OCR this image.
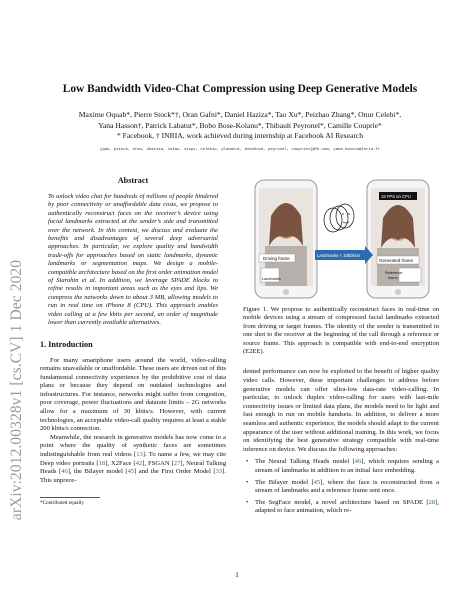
arXiv:2012.00328v1 [cs.CV] 1 Dec 2020
Low Bandwidth Video-Chat Compression using Deep Generative Models
Maxime Oquab*, Pierre Stock*†, Oran Gafni*, Daniel Haziza*, Tao Xu*, Peizhao Zhang*, Onur Celebi*,
Yana Hasson†, Patrick Labatut*, Bobo Bose-Kolanu*, Thibault Peyronel*, Camille Couprie*
* Facebook, † INRIA, work achieved during internship at Facebook AI Research
{qas, pstock, oran, dhaziza, xutao, stzpz, celebio, plabatut, bobohose, peyronel, coupriec}@fb.com, yana.hasson@inria.fr
Abstract

To unlock video chat for hundreds of millions of people hindered by poor connectivity or unaffordable data costs, we propose to authentically reconstruct faces on the receiver’s device using facial landmarks extracted at the sender’s side and transmitted over the network. In this context, we discuss and evaluate the benefits and disadvantages of several deep adversarial approaches. In particular, we explore quality and bandwidth trade-offs for approaches based on static landmarks, dynamic landmarks or segmentation maps. We design a mobile-compatible architecture based on the first order animation model of Siarohin et al. In addition, we leverage SPADE blocks to refine results in important areas such as the eyes and lips. We compress the networks down to about 3 MB, allowing models to run in real time on iPhone 8 (CPU). This approach enables video calling at a few kbits per second, an order of magnitude lower than currently available alternatives.

1. Introduction

For many smartphone users around the world, video-calling remains unavailable or unaffordable. These users are driven out of this fundamental connectivity experience by the prohibitive cost of data plans or because they depend on outdated technologies and infrastructures. For instance, networks might suffer from congestion, poor coverage, power fluctuations and datarate limits – 2G networks allow for a maximum of 30 kbits/s. However, with current technologies, an acceptable video-call quality requires at least a stable 200 kbits/s connection.

Meanwhile, the research in generative models has now come to a point where the quality of synthetic faces are sometimes indistinguishable from real videos [13]. To name a few, we may cite Deep video portraits [18], X2Face [42], FSGAN [27], Neural Talking Heads [46], the Bilayer model [45] and the First Order Model [33]. This unprece-

*Contributed equally
Driving frame
Landmarks
18 FPS on CPU
Generated frame
Reference
frame
Landmarks < 10kbits/s

Figure 1. We propose to authentically reconstruct faces in real-time on mobile devices using a stream of compressed facial landmarks extracted from driving or target frames. The identity of the sender is transmitted in one shot to the receiver at the beginning of the call through a reference or source frame. This approach is compatible with end-to-end encryption (E2EE).

dented performance can now be exploited to the benefit of higher quality video calls. However, these important challenges to address before generative models can offer ultra-low data-rate video-calling. In particular, to unlock duplex video-calling for users with last-mile connectivity issues or limited data plans, the models need to be light and fast enough to run on mobile handsets. In addition, to deliver a more seamless and authentic experience, the models should adapt to the current appearance of the user without additional training. In this work, we focus on identifying the best generative strategy compatible with real-time inference on device. We discuss the following approaches:

• The Neural Talking Heads model [46], which requires sending a stream of landmarks in addition to an initial face embedding.
• The Bilayer model [45], where the face is reconstructed from a stream of landmarks and a reference frame sent once.
• The SegFace model, a novel architecture based on SPADE [28], adapted to face animation, which re-
1
